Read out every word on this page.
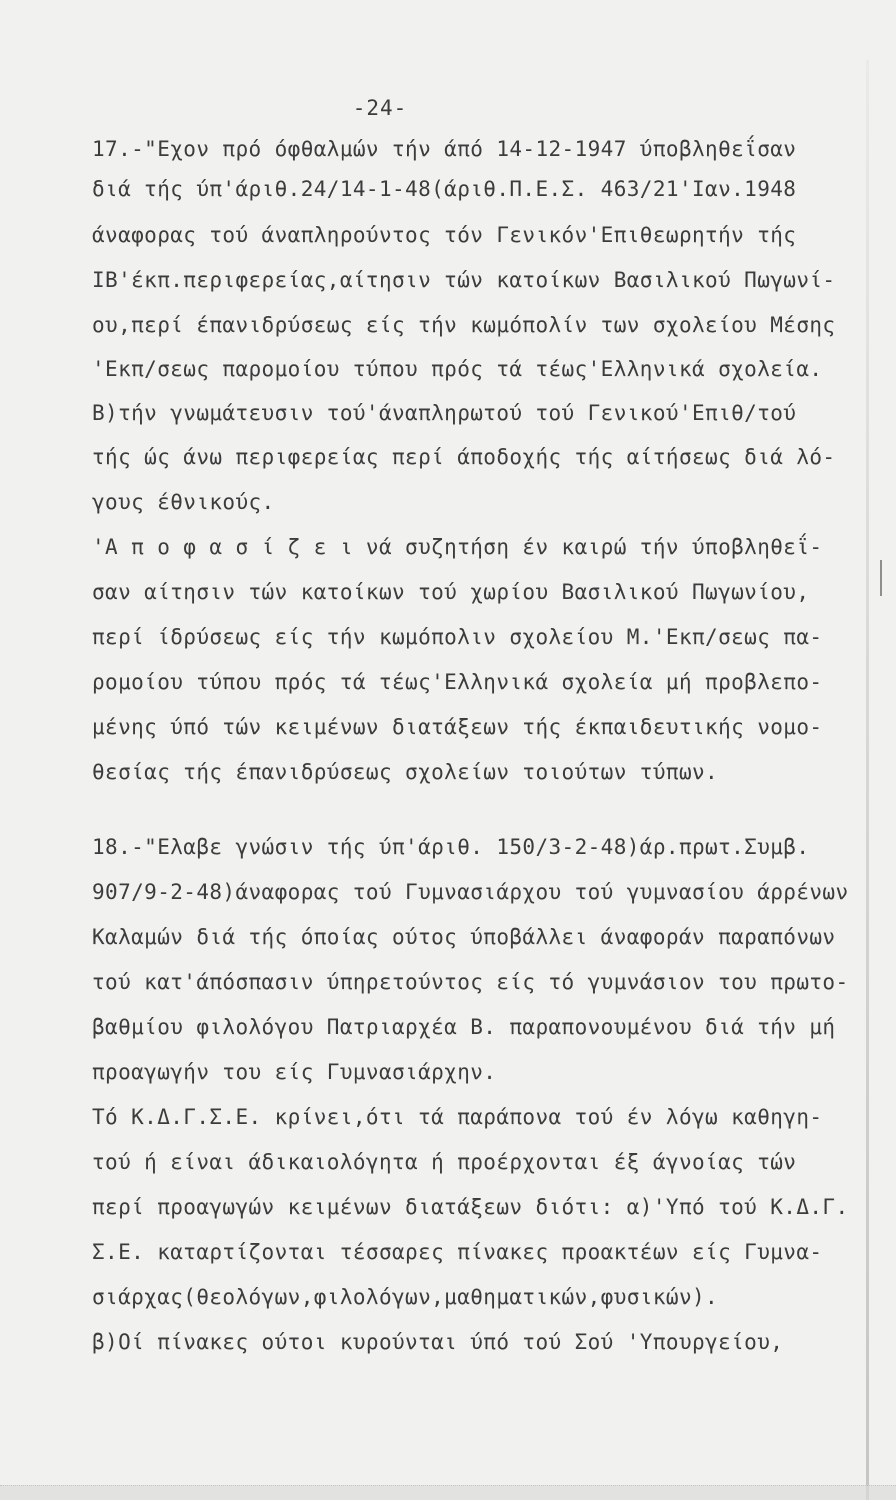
-24-
17.-"Εχον πρό όφθαλμών τήν άπό 14-12-1947 ύποβληθεΐσαν
διά τής ύπ'άριθ.24/14-1-48(άριθ.Π.Ε.Σ. 463/21'Ιαν.1948
άναφορας τού άναπληρούντος τόν Γενικόν'Επιθεωρητήν τής
ΙΒ'έκπ.περιφερείας,αίτησιν τών κατοίκων Βασιλικού Πωγωνί-
ου,περί έπανιδρύσεως είς τήν κωμόπολίν των σχολείου Μέσης
'Εκπ/σεως παρομοίου τύπου πρός τά τέως'Ελληνικά σχολεία.
Β)τήν γνωμάτευσιν τού'άναπληρωτού τού Γενικού'Επιθ/τού
τής ώς άνω περιφερείας περί άποδοχής τής αίτήσεως διά λό-
γους έθνικούς.
'Α π ο φ α σ ί ζ ε ι νά συζητήση έν καιρώ τήν ύποβληθεΐ-
σαν αίτησιν τών κατοίκων τού χωρίου Βασιλικού Πωγωνίου,
περί ίδρύσεως είς τήν κωμόπολιν σχολείου Μ.'Εκπ/σεως πα-
ρομοίου τύπου πρός τά τέως'Ελληνικά σχολεία μή προβλεπο-
μένης ύπό τών κειμένων διατάξεων τής έκπαιδευτικής νομο-
θεσίας τής έπανιδρύσεως σχολείων τοιούτων τύπων.
18.-"Ελαβε γνώσιν τής ύπ'άριθ. 150/3-2-48)άρ.πρωτ.Συμβ.
907/9-2-48)άναφορας τού Γυμνασιάρχου τού γυμνασίου άρρένων
Καλαμών διά τής όποίας ούτος ύποβάλλει άναφοράν παραπόνων
τού κατ'άπόσπασιν ύπηρετούντος είς τό γυμνάσιον του πρωτο-
βαθμίου φιλολόγου Πατριαρχέα Β. παραπονουμένου διά τήν μή
προαγωγήν του είς Γυμνασιάρχην.
Τό Κ.Δ.Γ.Σ.Ε. κρίνει,ότι τά παράπονα τού έν λόγω καθηγη-
τού ή είναι άδικαιολόγητα ή προέρχονται έξ άγνοίας τών
περί προαγωγών κειμένων διατάξεων διότι: α)'Υπό τού Κ.Δ.Γ.
Σ.Ε. καταρτίζονται τέσσαρες πίνακες προακτέων είς Γυμνα-
σιάρχας(θεολόγων,φιλολόγων,μαθηματικών,φυσικών).
β)Οί πίνακες ούτοι κυρούνται ύπό τού Σού 'Υπουργείου,
